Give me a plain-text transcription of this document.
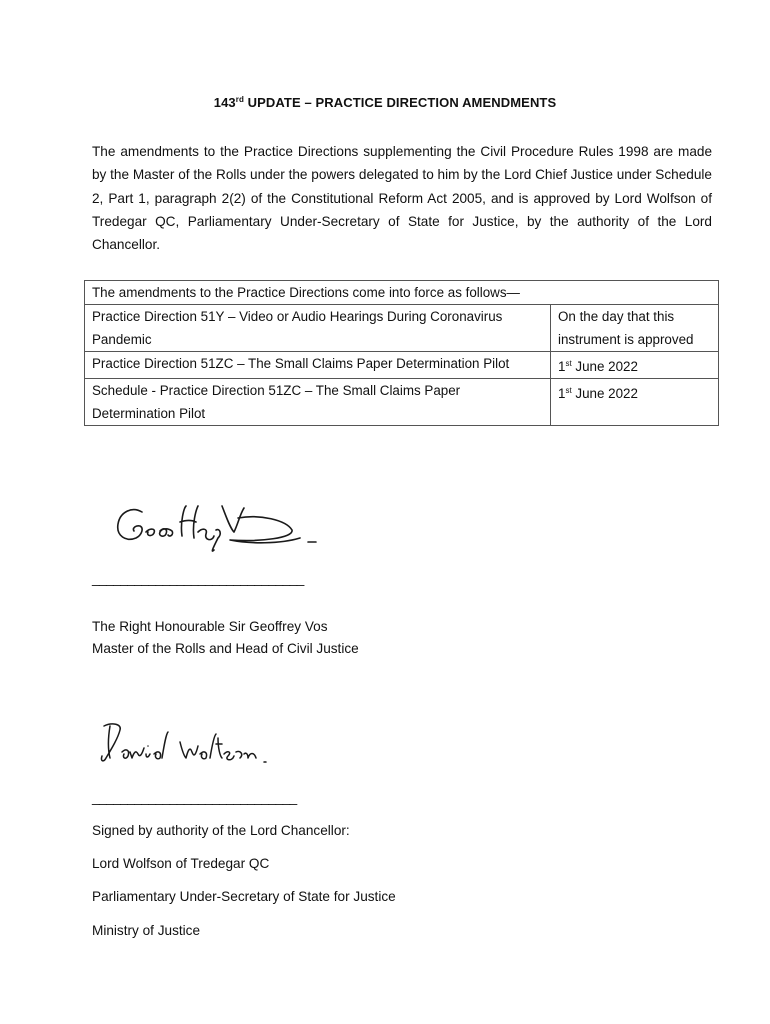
143rd UPDATE – PRACTICE DIRECTION AMENDMENTS
The amendments to the Practice Directions supplementing the Civil Procedure Rules 1998 are made by the Master of the Rolls under the powers delegated to him by the Lord Chief Justice under Schedule 2, Part 1, paragraph 2(2) of the Constitutional Reform Act 2005, and is approved by Lord Wolfson of Tredegar QC, Parliamentary Under-Secretary of State for Justice, by the authority of the Lord Chancellor.
The amendments to the Practice Directions come into force as follows—	
Practice Direction 51Y – Video or Audio Hearings During Coronavirus Pandemic	On the day that this instrument is approved
Practice Direction 51ZC – The Small Claims Paper Determination Pilot	1st June 2022
Schedule - Practice Direction 51ZC – The Small Claims Paper Determination Pilot	1st June 2022
______________________________
The Right Honourable Sir Geoffrey Vos
Master of the Rolls and Head of Civil Justice
_____________________________
Signed by authority of the Lord Chancellor:
Lord Wolfson of Tredegar QC
Parliamentary Under-Secretary of State for Justice
Ministry of Justice
